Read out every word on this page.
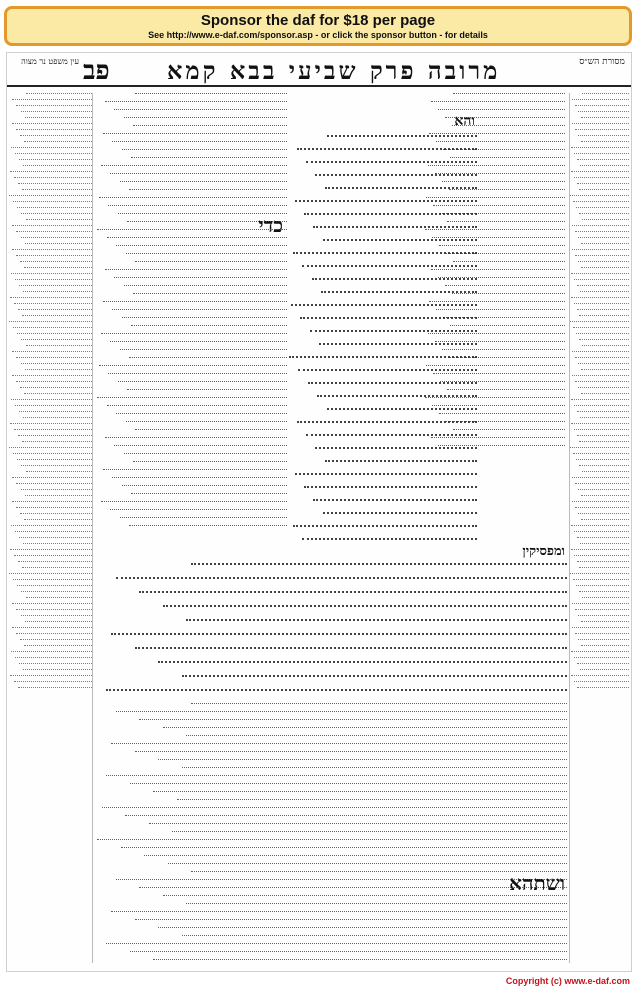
Sponsor the daf for $18 per page
See http://www.e-daf.com/sponsor.asp - or click the sponsor button - for details
מרובה פרק שביעי בבא קמא
פב
עין משפט נר מצוה	מסורת הש״ס
כדי
והא
ומפסיקין
ושתהא
Copyright (c) www.e-daf.com
